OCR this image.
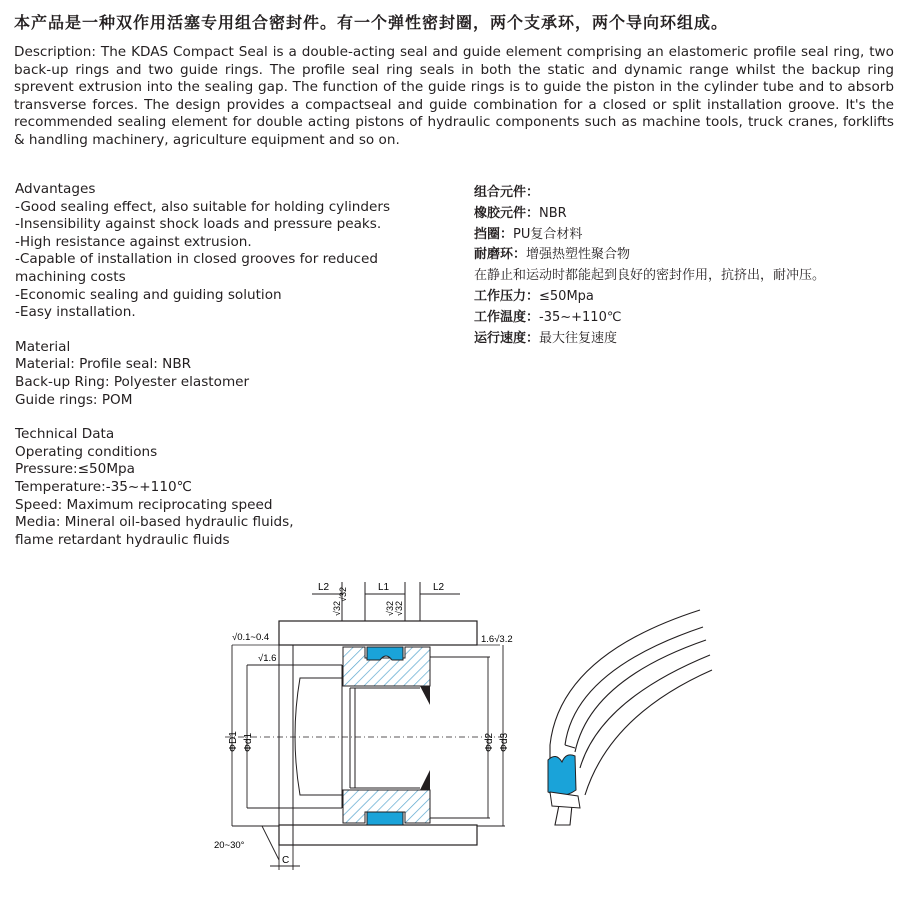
本产品是一种双作用活塞专用组合密封件。有一个弹性密封圈，两个支承环，两个导向环组成。
Description: The KDAS Compact Seal is a double-acting seal and guide element comprising an elastomeric profile seal ring, two back-up rings and two guide rings. The profile seal ring seals in both the static and dynamic range whilst the backup ring sprevent extrusion into the sealing gap. The function of the guide rings is to guide the piston in the cylinder tube and to absorb transverse forces. The design provides a compactseal and guide combination for a closed or split installation groove. It's the recommended sealing element for double acting pistons of hydraulic components such as machine tools, truck cranes, forklifts & handling machinery, agriculture equipment and so on.
Advantages
-Good sealing effect, also suitable for holding cylinders
-Insensibility against shock loads and pressure peaks.
-High resistance against extrusion.
-Capable of installation in closed grooves for reduced
machining costs
-Economic sealing and guiding solution
-Easy installation.
Material
Material: Profile seal: NBR
Back-up Ring: Polyester elastomer
Guide rings: POM
Technical Data
Operating conditions
Pressure:≤50Mpa
Temperature:-35~+110℃
Speed: Maximum reciprocating speed
Media: Mineral oil-based hydraulic fluids,
flame retardant hydraulic fluids
组合元件：
橡胶元件：NBR
挡圈：PU复合材料
耐磨环：增强热塑性聚合物
在静止和运动时都能起到良好的密封作用，抗挤出，耐冲压。
工作压力：≤50Mpa
工作温度：-35~+110℃
运行速度：最大往复速度
L2	L1	L2
√32
√32	√32 √32
ΦD1 Φd1	Φd2 Φd3
√0.1~0.4
√1.6
1.6√3.2
20~30°
C
